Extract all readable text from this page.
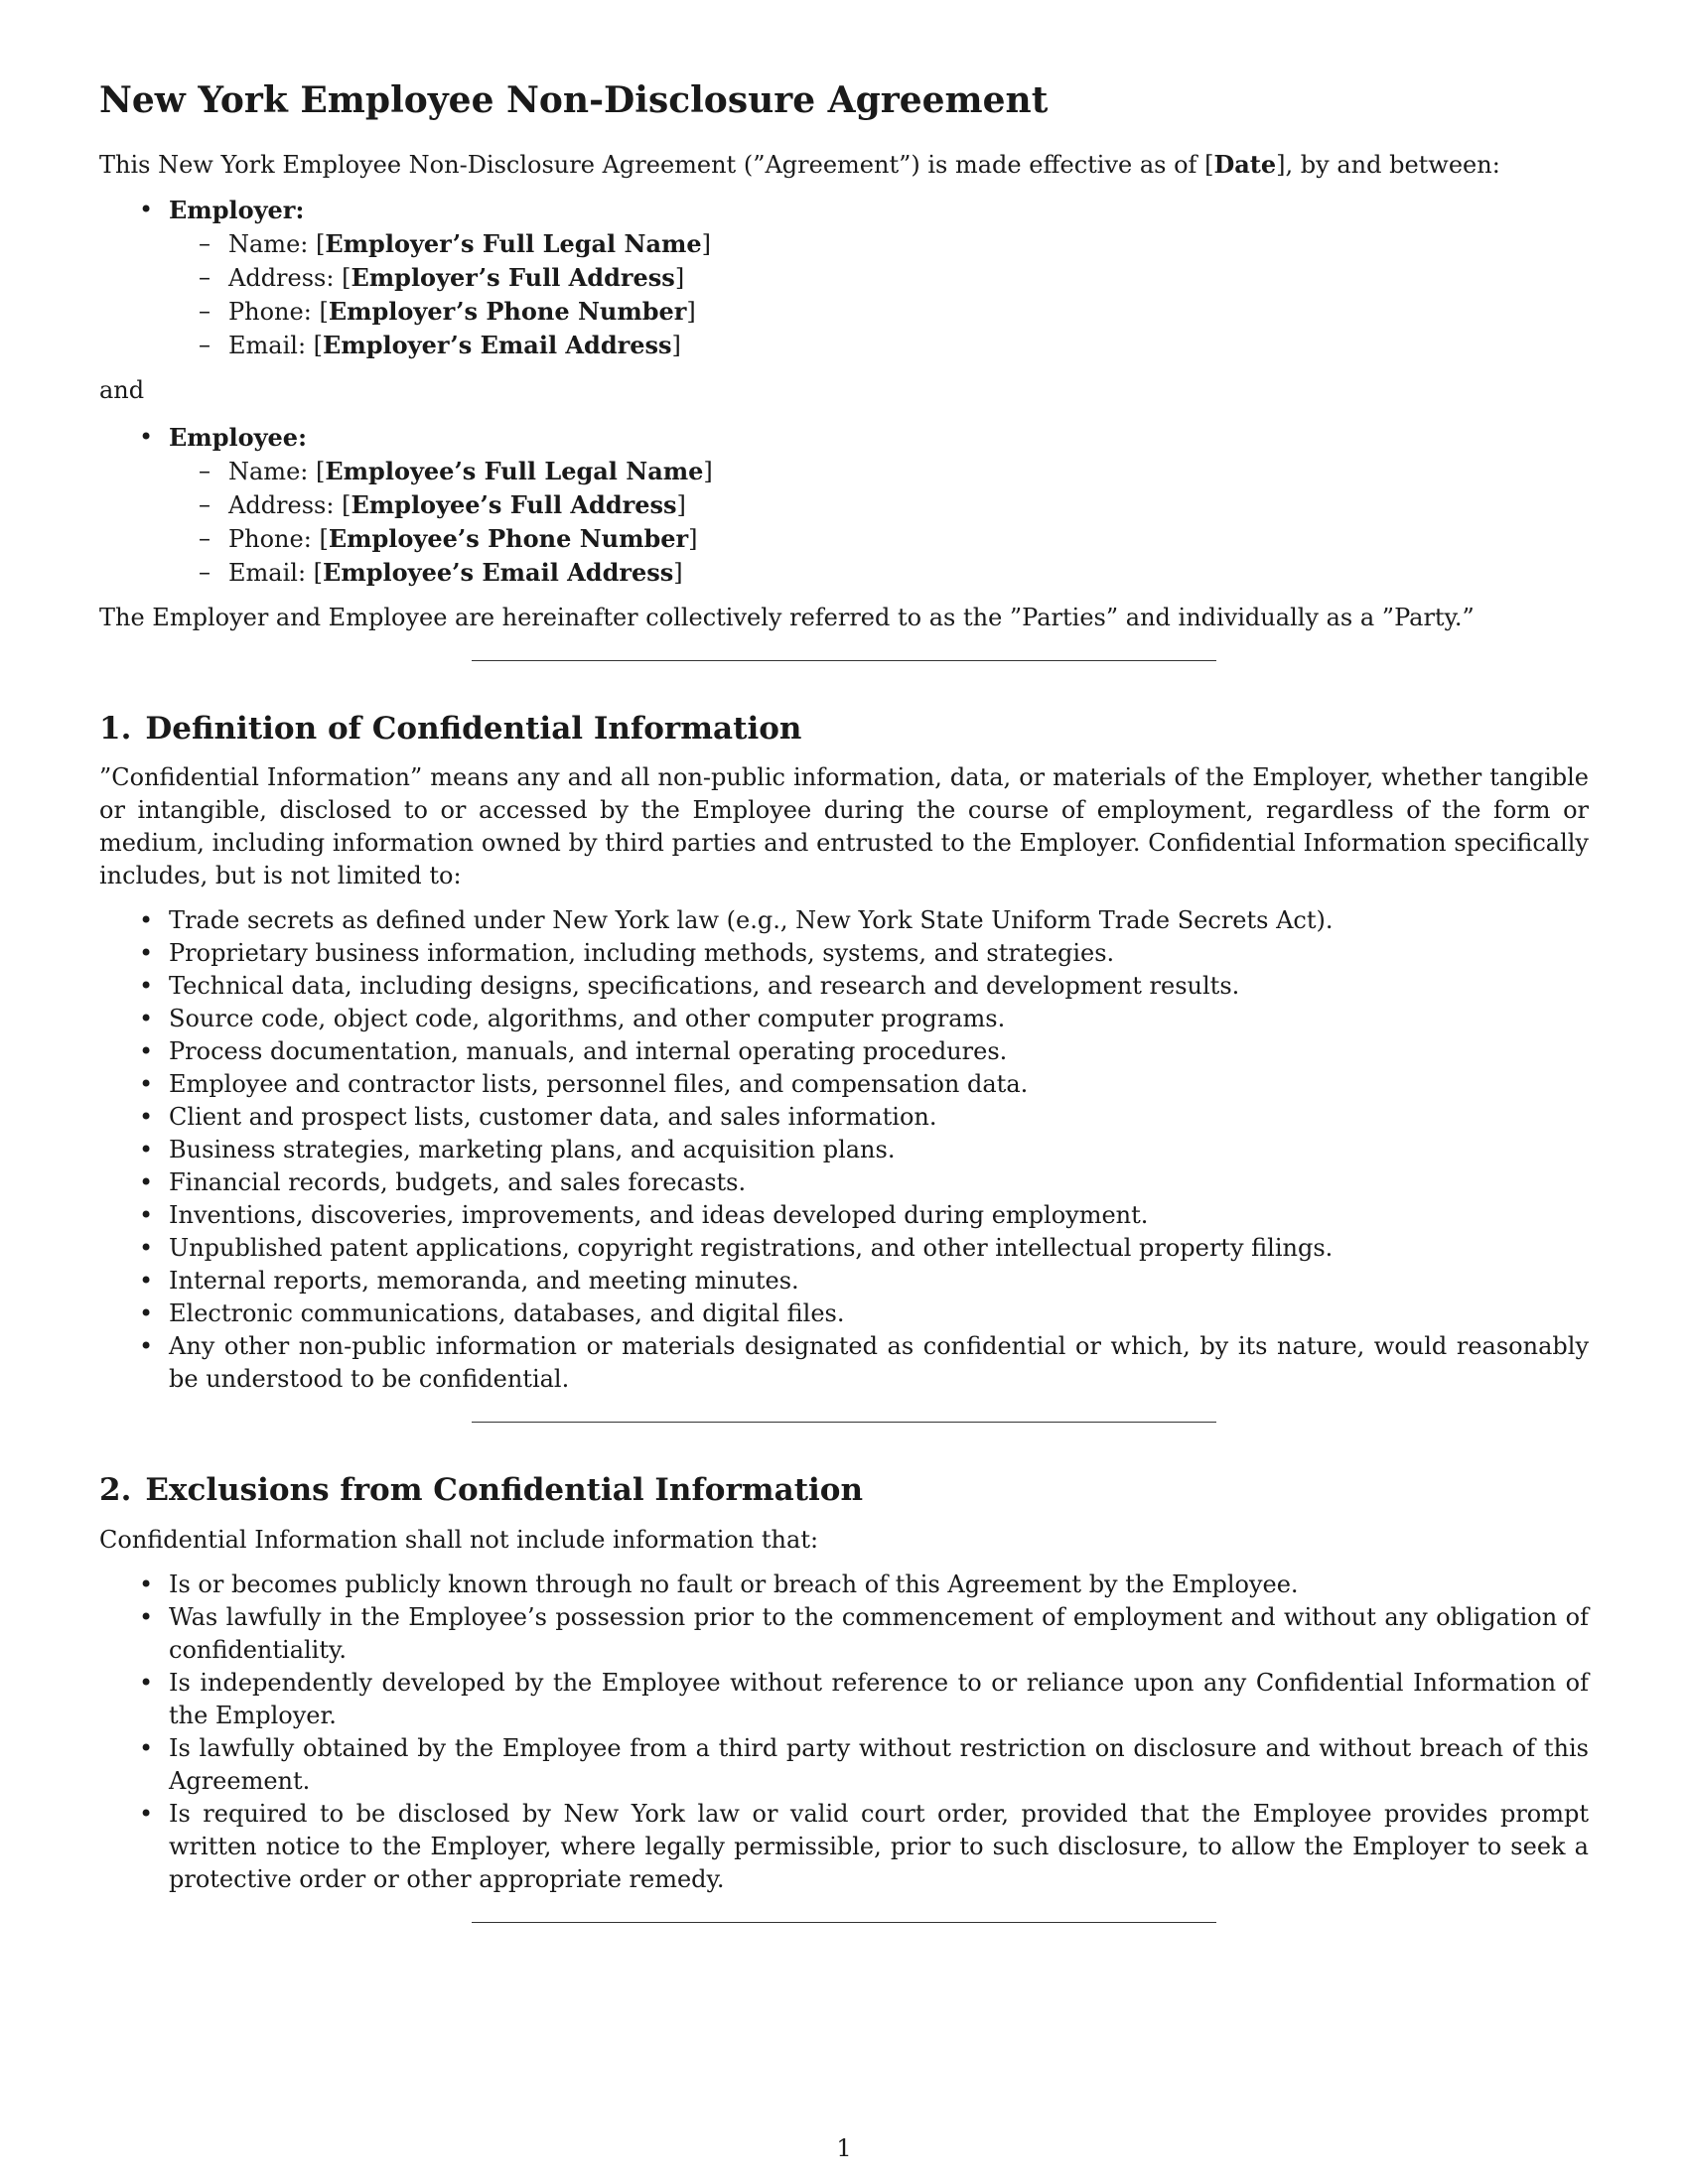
New York Employee Non-Disclosure Agreement

This New York Employee Non-Disclosure Agreement (”Agreement”) is made effective as of [Date], by and between:

• Employer:
– Name: [Employer’s Full Legal Name]
– Address: [Employer’s Full Address]
– Phone: [Employer’s Phone Number]
– Email: [Employer’s Email Address]

and

• Employee:
– Name: [Employee’s Full Legal Name]
– Address: [Employee’s Full Address]
– Phone: [Employee’s Phone Number]
– Email: [Employee’s Email Address]

The Employer and Employee are hereinafter collectively referred to as the ”Parties” and individually as a ”Party.”

1. Definition of Confidential Information

”Confidential Information” means any and all non-public information, data, or materials of the Employer, whether tangible or intangible, disclosed to or accessed by the Employee during the course of employment, regardless of the form or medium, including information owned by third parties and entrusted to the Employer. Confidential Information specifically includes, but is not limited to:

• Trade secrets as defined under New York law (e.g., New York State Uniform Trade Secrets Act).
• Proprietary business information, including methods, systems, and strategies.
• Technical data, including designs, specifications, and research and development results.
• Source code, object code, algorithms, and other computer programs.
• Process documentation, manuals, and internal operating procedures.
• Employee and contractor lists, personnel files, and compensation data.
• Client and prospect lists, customer data, and sales information.
• Business strategies, marketing plans, and acquisition plans.
• Financial records, budgets, and sales forecasts.
• Inventions, discoveries, improvements, and ideas developed during employment.
• Unpublished patent applications, copyright registrations, and other intellectual property filings.
• Internal reports, memoranda, and meeting minutes.
• Electronic communications, databases, and digital files.
• Any other non-public information or materials designated as confidential or which, by its nature, would reasonably be understood to be confidential.
2. Exclusions from Confidential Information

Confidential Information shall not include information that:

• Is or becomes publicly known through no fault or breach of this Agreement by the Employee.
• Was lawfully in the Employee’s possession prior to the commencement of employment and without any obligation of confidentiality.
• Is independently developed by the Employee without reference to or reliance upon any Confidential Information of the Employer.
• Is lawfully obtained by the Employee from a third party without restriction on disclosure and without breach of this Agreement.
• Is required to be disclosed by New York law or valid court order, provided that the Employee provides prompt written notice to the Employer, where legally permissible, prior to such disclosure, to allow the Employer to seek a protective order or other appropriate remedy.
1
